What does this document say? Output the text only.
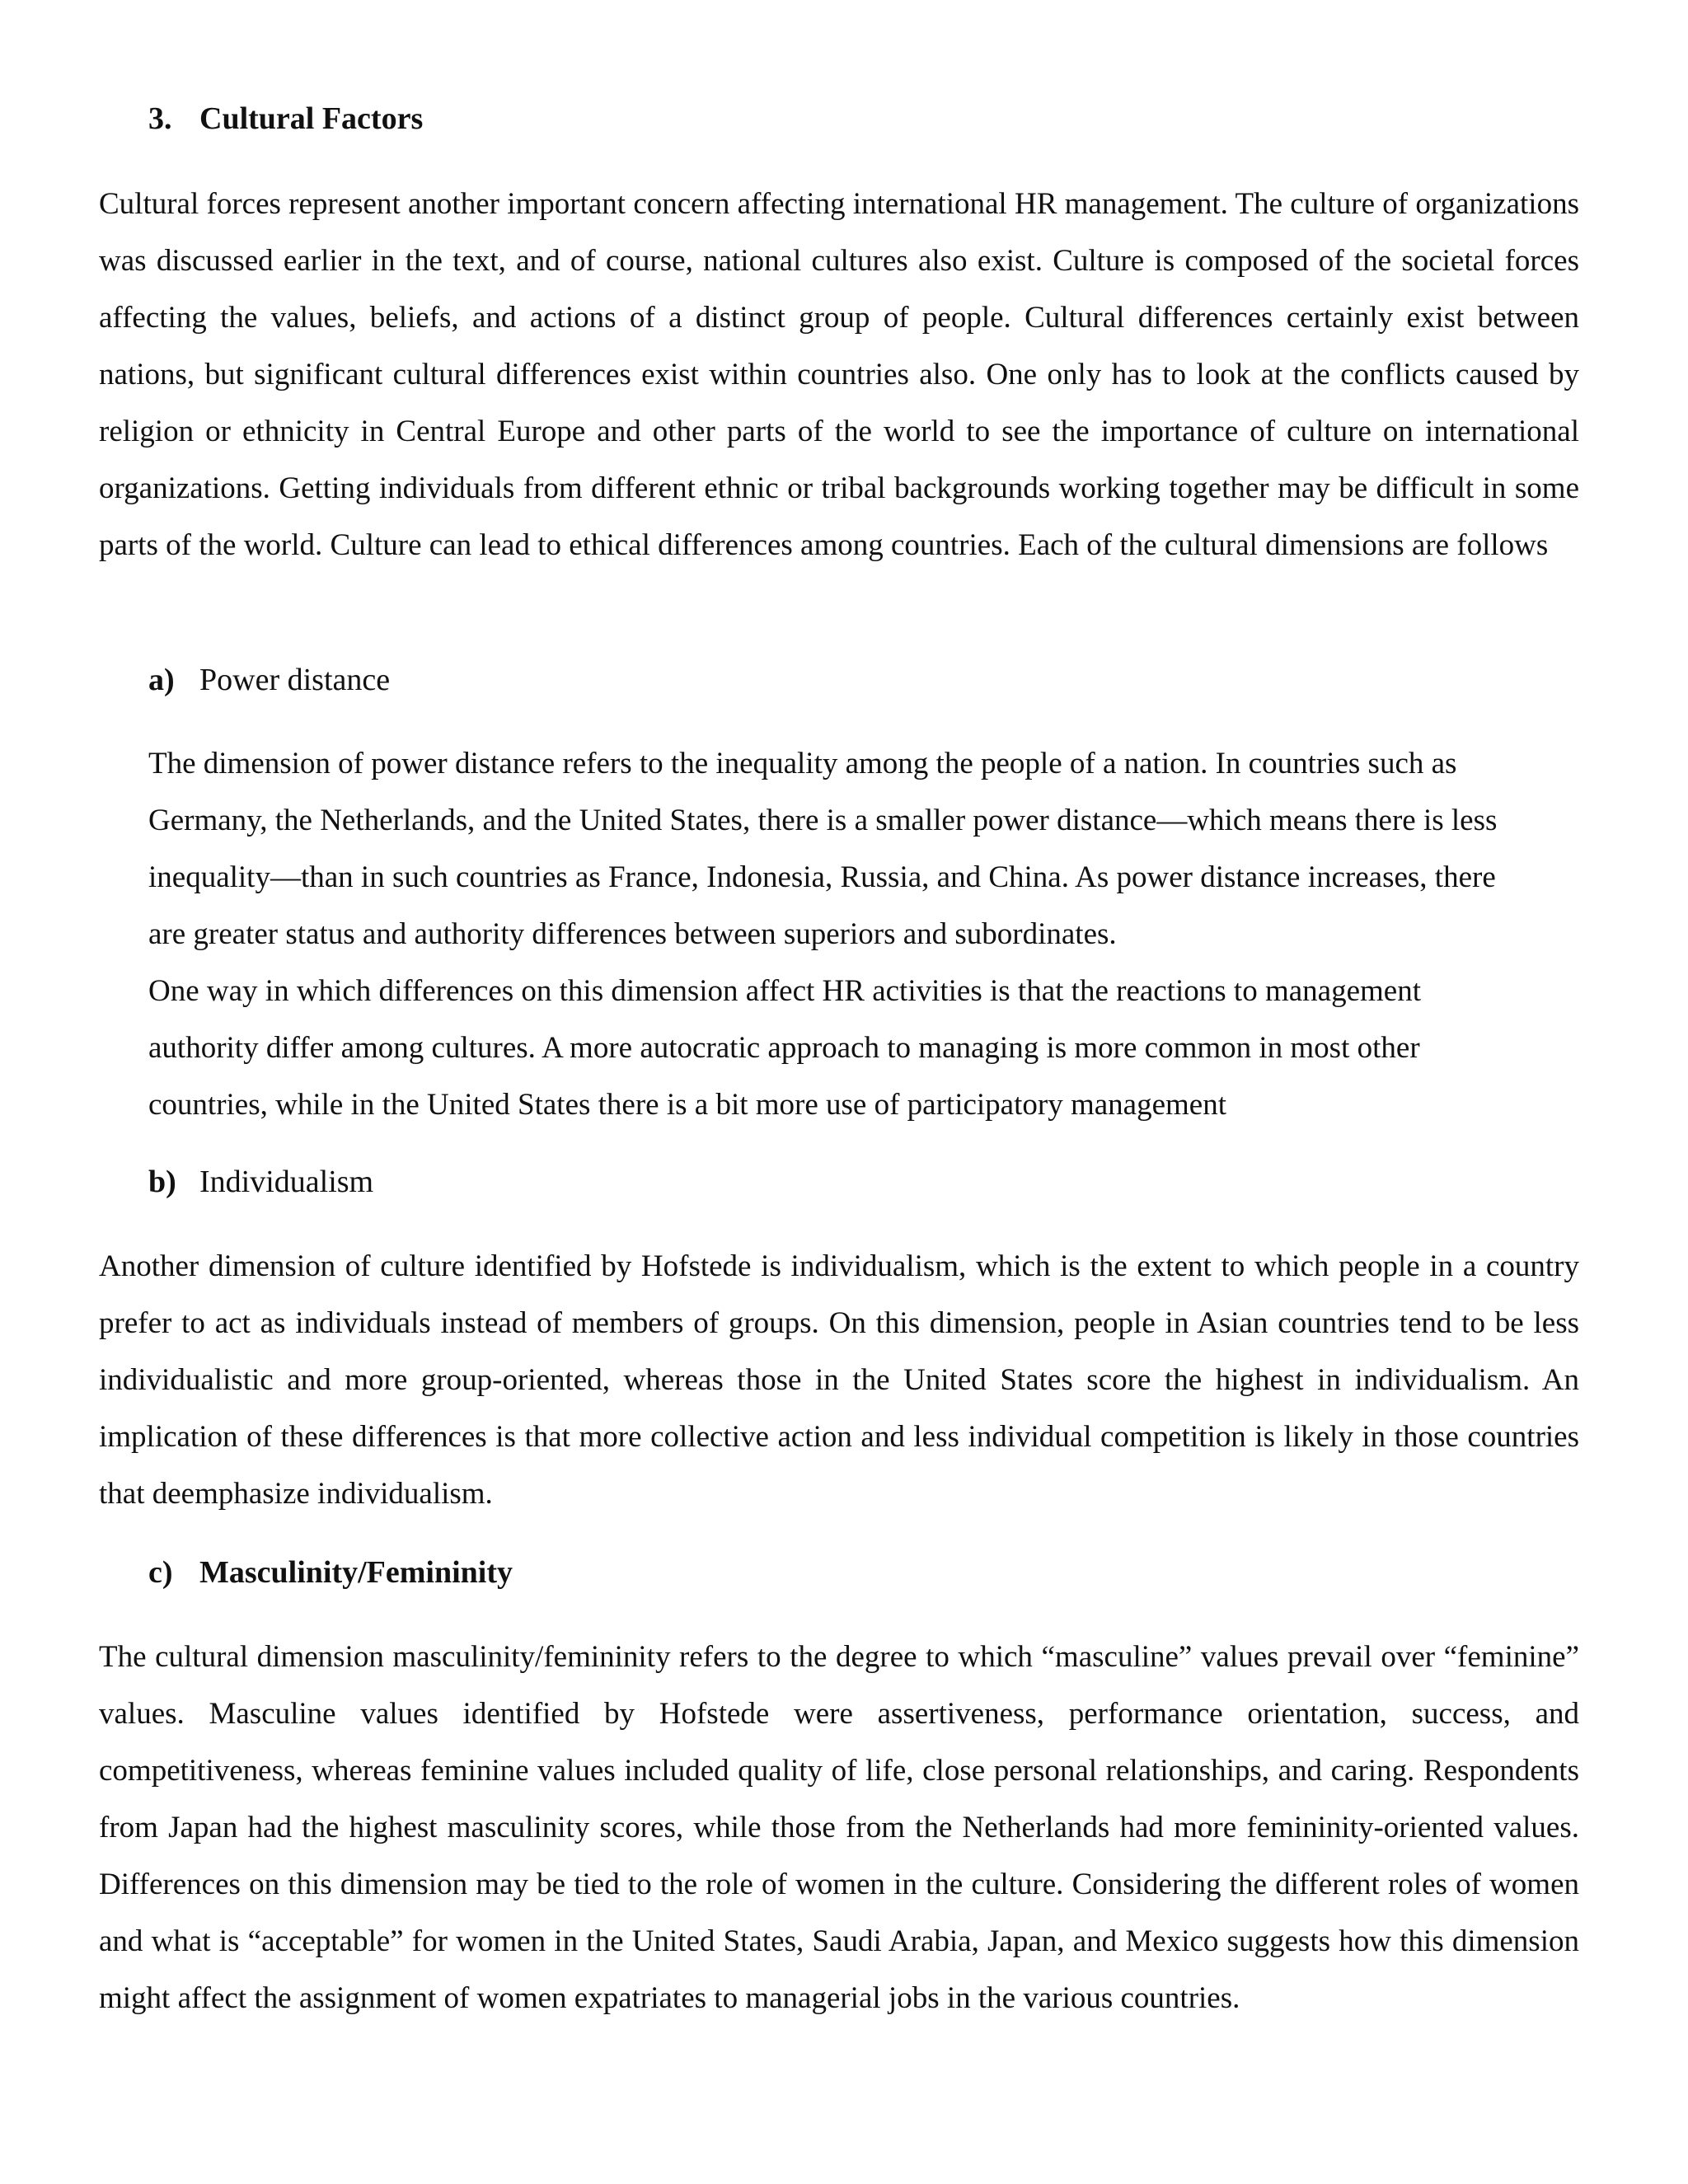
3. Cultural Factors

Cultural forces represent another important concern affecting international HR management. The culture of organizations was discussed earlier in the text, and of course, national cultures also exist. Culture is composed of the societal forces affecting the values, beliefs, and actions of a distinct group of people. Cultural differences certainly exist between nations, but significant cultural differences exist within countries also. One only has to look at the conflicts caused by religion or ethnicity in Central Europe and other parts of the world to see the importance of culture on international organizations. Getting individuals from different ethnic or tribal backgrounds working together may be difficult in some parts of the world. Culture can lead to ethical differences among countries. Each of the cultural dimensions are follows

a) Power distance
The dimension of power distance refers to the inequality among the people of a nation. In countries such as Germany, the Netherlands, and the United States, there is a smaller power distance—which means there is less inequality—than in such countries as France, Indonesia, Russia, and China. As power distance increases, there are greater status and authority differences between superiors and subordinates.
One way in which differences on this dimension affect HR activities is that the reactions to management authority differ among cultures. A more autocratic approach to managing is more common in most other countries, while in the United States there is a bit more use of participatory management
b) Individualism

Another dimension of culture identified by Hofstede is individualism, which is the extent to which people in a country prefer to act as individuals instead of members of groups. On this dimension, people in Asian countries tend to be less individualistic and more group-oriented, whereas those in the United States score the highest in individualism. An implication of these differences is that more collective action and less individual competition is likely in those countries that deemphasize individualism.

c) Masculinity/Femininity

The cultural dimension masculinity/femininity refers to the degree to which “masculine” values prevail over “feminine” values. Masculine values identified by Hofstede were assertiveness, performance orientation, success, and competitiveness, whereas feminine values included quality of life, close personal relationships, and caring. Respondents from Japan had the highest masculinity scores, while those from the Netherlands had more femininity-oriented values. Differences on this dimension may be tied to the role of women in the culture. Considering the different roles of women and what is “acceptable” for women in the United States, Saudi Arabia, Japan, and Mexico suggests how this dimension might affect the assignment of women expatriates to managerial jobs in the various countries.
